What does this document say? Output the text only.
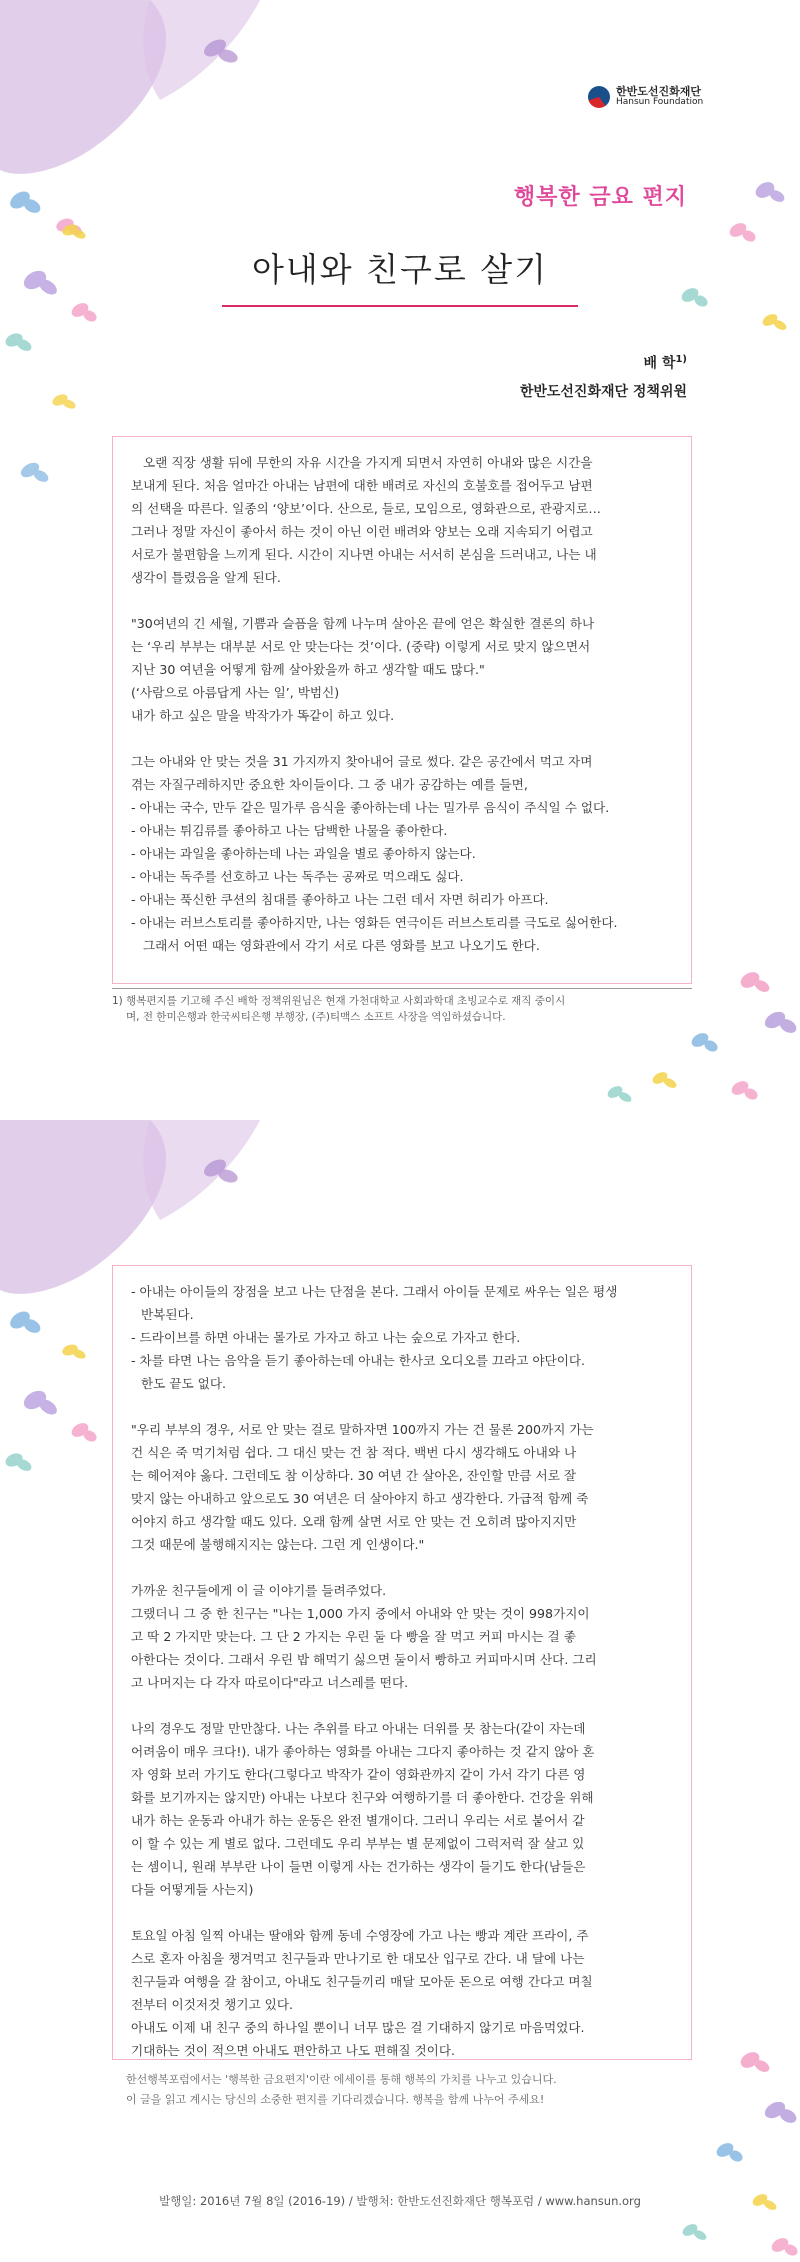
한반도선진화재단
Hansun Foundation
행복한 금요 편지
아내와 친구로 살기
배 학$^{1)}$
한반도선진화재단 정책위원
오랜 직장 생활 뒤에 무한의 자유 시간을 가지게 되면서 자연히 아내와 많은 시간을
보내게 된다. 처음 얼마간 아내는 남편에 대한 배려로 자신의 호불호를 접어두고 남편
의 선택을 따른다. 일종의 ‘양보’이다. 산으로, 들로, 모임으로, 영화관으로, 관광지로…
그러나 정말 자신이 좋아서 하는 것이 아닌 이런 배려와 양보는 오래 지속되기 어렵고
서로가 불편함을 느끼게 된다. 시간이 지나면 아내는 서서히 본심을 드러내고, 나는 내
생각이 틀렸음을 알게 된다.
"30여년의 긴 세월, 기쁨과 슬픔을 함께 나누며 살아온 끝에 얻은 확실한 결론의 하나
는 ‘우리 부부는 대부분 서로 안 맞는다는 것’이다. (중략) 이렇게 서로 맞지 않으면서
지난 30 여년을 어떻게 함께 살아왔을까 하고 생각할 때도 많다."
(‘사람으로 아름답게 사는 일’, 박범신)
내가 하고 싶은 말을 박작가가 똑같이 하고 있다.
그는 아내와 안 맞는 것을 31 가지까지 찾아내어 글로 썼다. 같은 공간에서 먹고 자며
겪는 자질구레하지만 중요한 차이들이다. 그 중 내가 공감하는 예를 들면,
- 아내는 국수, 만두 같은 밀가루 음식을 좋아하는데 나는 밀가루 음식이 주식일 수 없다.
- 아내는 튀김류를 좋아하고 나는 담백한 나물을 좋아한다.
- 아내는 과일을 좋아하는데 나는 과일을 별로 좋아하지 않는다.
- 아내는 독주를 선호하고 나는 독주는 공짜로 먹으래도 싫다.
- 아내는 푹신한 쿠션의 침대를 좋아하고 나는 그런 데서 자면 허리가 아프다.
- 아내는 러브스토리를 좋아하지만, 나는 영화든 연극이든 러브스토리를 극도로 싫어한다.
그래서 어떤 때는 영화관에서 각기 서로 다른 영화를 보고 나오기도 한다.
1) 행복편지를 기고해 주신 배학 정책위원님은 현재 가천대학교 사회과학대 초빙교수로 재직 중이시
며, 전 한미은행과 한국씨티은행 부행장, (주)티맥스 소프트 사장을 역임하셨습니다.
- 아내는 아이들의 장점을 보고 나는 단점을 본다. 그래서 아이들 문제로 싸우는 일은 평생
반복된다.
- 드라이브를 하면 아내는 몰가로 가자고 하고 나는 숲으로 가자고 한다.
- 차를 타면 나는 음악을 듣기 좋아하는데 아내는 한사코 오디오를 끄라고 야단이다.
한도 끝도 없다.
"우리 부부의 경우, 서로 안 맞는 걸로 말하자면 100까지 가는 건 물론 200까지 가는
건 식은 죽 먹기처럼 쉽다. 그 대신 맞는 건 참 적다. 백번 다시 생각해도 아내와 나
는 헤어져야 옳다. 그런데도 참 이상하다. 30 여년 간 살아온, 잔인할 만큼 서로 잘
맞지 않는 아내하고 앞으로도 30 여년은 더 살아야지 하고 생각한다. 가급적 함께 죽
어야지 하고 생각할 때도 있다. 오래 함께 살면 서로 안 맞는 건 오히려 많아지지만
그것 때문에 불행해지지는 않는다. 그런 게 인생이다."
가까운 친구들에게 이 글 이야기를 들려주었다.
그랬더니 그 중 한 친구는 "나는 1,000 가지 중에서 아내와 안 맞는 것이 998가지이
고 딱 2 가지만 맞는다. 그 단 2 가지는 우린 둘 다 빵을 잘 먹고 커피 마시는 걸 좋
아한다는 것이다. 그래서 우린 밥 해먹기 싫으면 둘이서 빵하고 커피마시며 산다. 그리
고 나머지는 다 각자 따로이다"라고 너스레를 떤다.
나의 경우도 정말 만만찮다. 나는 추위를 타고 아내는 더위를 못 참는다(같이 자는데
어려움이 매우 크다!). 내가 좋아하는 영화를 아내는 그다지 좋아하는 것 같지 않아 혼
자 영화 보러 가기도 한다(그렇다고 박작가 같이 영화관까지 같이 가서 각기 다른 영
화를 보기까지는 않지만) 아내는 나보다 친구와 여행하기를 더 좋아한다. 건강을 위해
내가 하는 운동과 아내가 하는 운동은 완전 별개이다. 그러니 우리는 서로 붙어서 같
이 할 수 있는 게 별로 없다. 그런데도 우리 부부는 별 문제없이 그럭저럭 잘 살고 있
는 셈이니, 원래 부부란 나이 들면 이렇게 사는 건가하는 생각이 들기도 한다(남들은
다들 어떻게들 사는지)
토요일 아침 일찍 아내는 딸애와 함께 동네 수영장에 가고 나는 빵과 계란 프라이, 주
스로 혼자 아침을 챙겨먹고 친구들과 만나기로 한 대모산 입구로 간다. 내 달에 나는
친구들과 여행을 갈 참이고, 아내도 친구들끼리 매달 모아둔 돈으로 여행 간다고 며칠
전부터 이것저것 챙기고 있다.
아내도 이제 내 친구 중의 하나일 뿐이니 너무 많은 걸 기대하지 않기로 마음먹었다.
기대하는 것이 적으면 아내도 편안하고 나도 편해질 것이다.
한선행복포럼에서는 '행복한 금요편지'이란 에세이를 통해 행복의 가치를 나누고 있습니다.
이 글을 읽고 계시는 당신의 소중한 편지를 기다리겠습니다. 행복을 함께 나누어 주세요!
발행일: 2016년 7월 8일 (2016-19) / 발행처: 한반도선진화재단 행복포럼 / www.hansun.org
